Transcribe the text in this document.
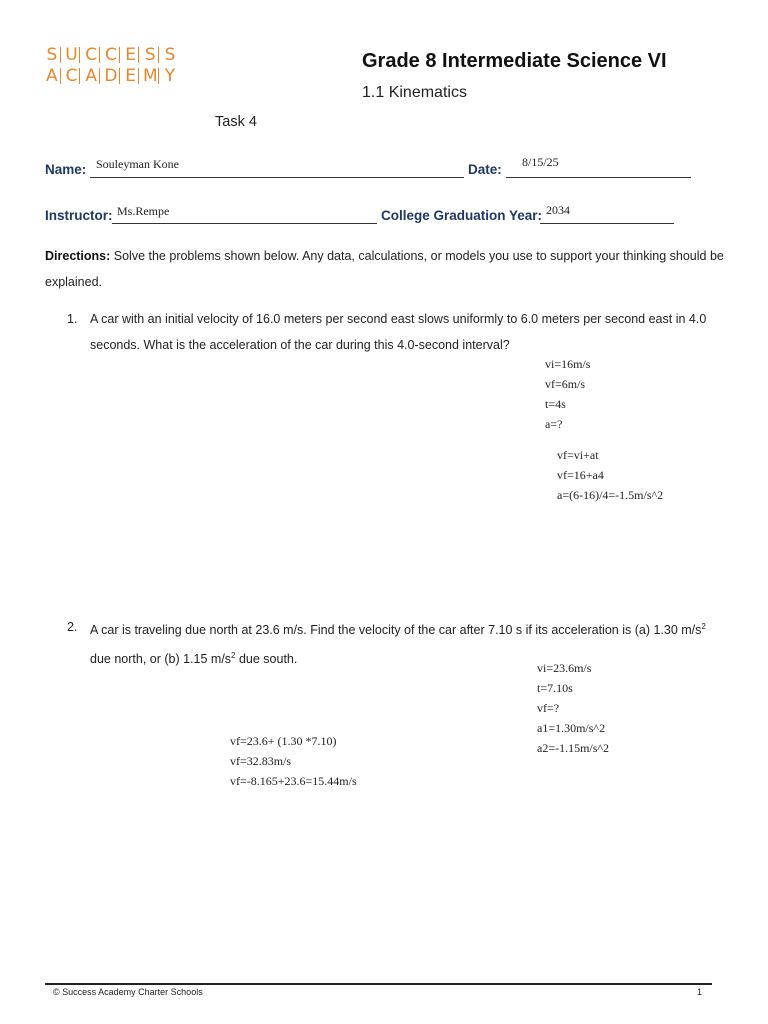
S U C C E S S
A C A D E M Y
Grade 8 Intermediate Science VI
1.1 Kinematics
Task 4
Name: Souleyman Kone	Date: 8/15/25
Instructor: Ms.Rempe	College Graduation Year: 2034
Directions: Solve the problems shown below. Any data, calculations, or models you use to support your thinking should be explained.
1. A car with an initial velocity of 16.0 meters per second east slows uniformly to 6.0 meters per second east in 4.0 seconds. What is the acceleration of the car during this 4.0-second interval?
vi=16m/s
vf=6m/s
t=4s
a=?
vf=vi+at
vf=16+a4
a=(6-16)/4=-1.5m/s^2
2. A car is traveling due north at 23.6 m/s. Find the velocity of the car after 7.10 s if its acceleration is (a) 1.30 $m/s^2$ due north, or (b) 1.15 $m/s^2$ due south.
vi=23.6m/s
t=7.10s
vf=?
a1=1.30m/s^2
a2=-1.15m/s^2
vf=23.6+ (1.30 *7.10)
vf=32.83m/s
vf=-8.165+23.6=15.44m/s
© Success Academy Charter Schools	1
